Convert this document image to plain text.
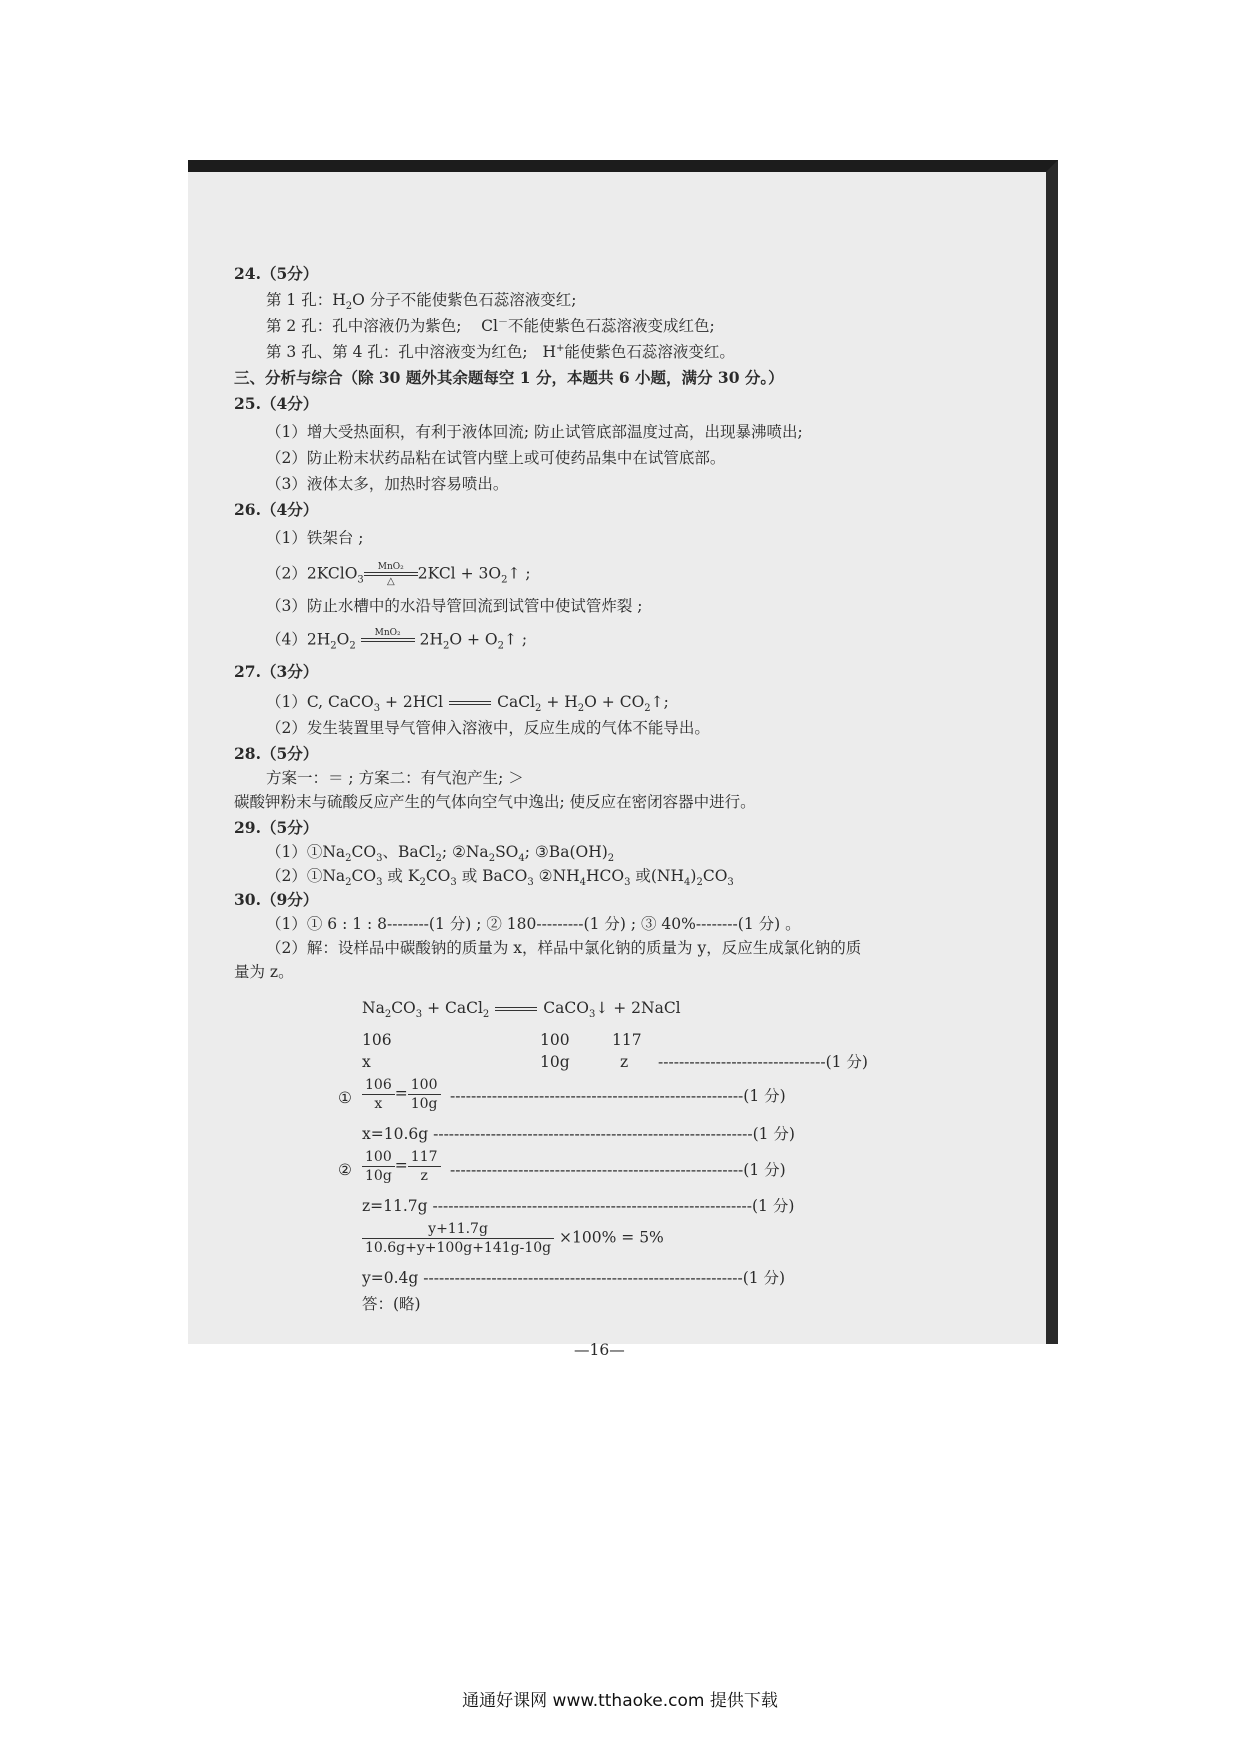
24.（5分）
第 1 孔：$H_2O$ 分子不能使紫色石蕊溶液变红;
第 2 孔：孔中溶液仍为紫色; Cl－不能使紫色石蕊溶液变成红色;
第 3 孔、第 4 孔：孔中溶液变为红色; H+能使紫色石蕊溶液变红。
三、分析与综合（除 30 题外其余题每空 1 分，本题共 6 小题，满分 30 分。）
25.（4分）
（1）增大受热面积，有利于液体回流; 防止试管底部温度过高，出现暴沸喷出;
（2）防止粉末状药品粘在试管内壁上或可使药品集中在试管底部。
（3）液体太多，加热时容易喷出。
26.（4分）
（1）铁架台 ;
（2）2KClO$_3$
MnO₂
△	$2KCl + 3O_2↑$ ;
（3）防止水槽中的水沿导管回流到试管中使试管炸裂 ;
$(4)2H_2O_2$
MnO₂
	$2H_2O$ + $O_2↑$ ;
27.（3分）
（1）C, CaCO$_3$ + 2HCl	CaCl$_2$ + $H_2O$ + $CO_2↑$;
（2）发生装置里导气管伸入溶液中，反应生成的气体不能导出。
28.（5分）
方案一：＝ ; 方案二：有气泡产生; ＞
碳酸钾粉末与硫酸反应产生的气体向空气中逸出; 使反应在密闭容器中进行。
29.（5分）
$(1)①Na_2CO_3$、BaCl$_2$; $②Na_2SO_4$; $③Ba(OH)_2$
$(2)①Na_2CO_3$ 或 $K_2CO_3$ 或 BaCO$_3$ $②NH_4HCO_3$ 或$(NH_4)_2CO_3$
30.（9分）
（1）① 6 : 1 : 8--------(1 分) ; ② 180---------(1 分) ; ③ 40%--------(1 分) 。
（2）解：设样品中碳酸钠的质量为 x，样品中氯化钠的质量为 y，反应生成氯化钠的质
量为 z。
$Na_2CO_3$ + CaCl$_2$	CaCO$_3$↓ + 2NaCl
106	100	117
x	10g	z --------------------------------(1 分)
① $\frac{106}{x} = \frac{100}{10g} --------------------------------------------------------(1$ 分)
x=10.6g -------------------------------------------------------------(1 分)
② $\frac{100}{10g} = \frac{117}{z} --------------------------------------------------------(1$ 分)
z=11.7g -------------------------------------------------------------(1 分)
$\frac{y+11.7g}{10.6g+y+100g+141g-10g} \times 100\% = 5\%$
y=0.4g -------------------------------------------------------------(1 分)
答：(略)
—16—
通通好课网 www.tthaoke.com 提供下载
